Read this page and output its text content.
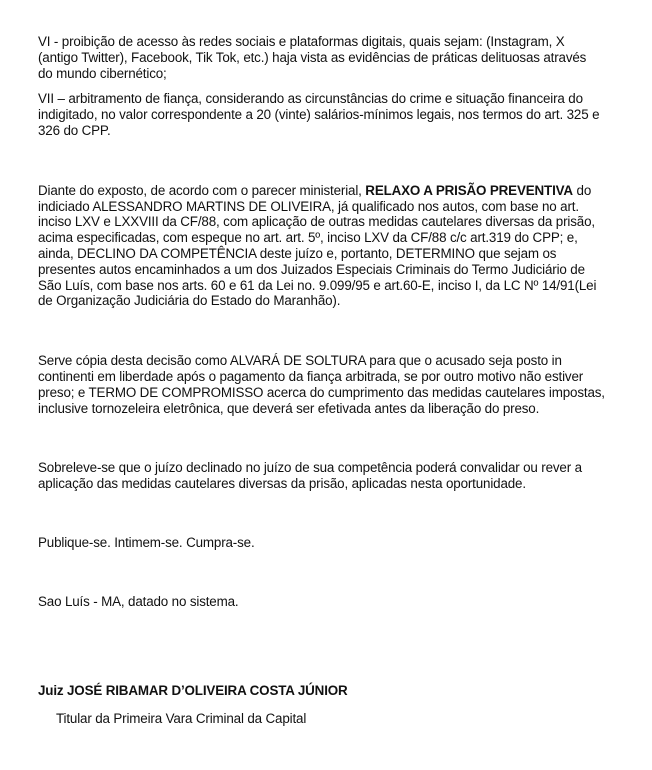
VI - proibição de acesso às redes sociais e plataformas digitais, quais sejam: (Instagram, X
(antigo Twitter), Facebook, Tik Tok, etc.) haja vista as evidências de práticas delituosas através
do mundo cibernético;
VII – arbitramento de fiança, considerando as circunstâncias do crime e situação financeira do
indigitado, no valor correspondente a 20 (vinte) salários-mínimos legais, nos termos do art. 325 e
326 do CPP.
Diante do exposto, de acordo com o parecer ministerial, RELAXO A PRISÃO PREVENTIVA do
indiciado ALESSANDRO MARTINS DE OLIVEIRA, já qualificado nos autos, com base no art.
inciso LXV e LXXVIII da CF/88, com aplicação de outras medidas cautelares diversas da prisão,
acima especificadas, com espeque no art. art. 5º, inciso LXV da CF/88 c/c art.319 do CPP; e,
ainda, DECLINO DA COMPETÊNCIA deste juízo e, portanto, DETERMINO que sejam os
presentes autos encaminhados a um dos Juizados Especiais Criminais do Termo Judiciário de
São Luís, com base nos arts. 60 e 61 da Lei no. 9.099/95 e art.60-E, inciso I, da LC Nº 14/91(Lei
de Organização Judiciária do Estado do Maranhão).
Serve cópia desta decisão como ALVARÁ DE SOLTURA para que o acusado seja posto in
continenti em liberdade após o pagamento da fiança arbitrada, se por outro motivo não estiver
preso; e TERMO DE COMPROMISSO acerca do cumprimento das medidas cautelares impostas,
inclusive tornozeleira eletrônica, que deverá ser efetivada antes da liberação do preso.
Sobreleve-se que o juízo declinado no juízo de sua competência poderá convalidar ou rever a
aplicação das medidas cautelares diversas da prisão, aplicadas nesta oportunidade.
Publique-se. Intimem-se. Cumpra-se.
Sao Luís - MA, datado no sistema.
Juiz JOSÉ RIBAMAR D’OLIVEIRA COSTA JÚNIOR
Titular da Primeira Vara Criminal da Capital
